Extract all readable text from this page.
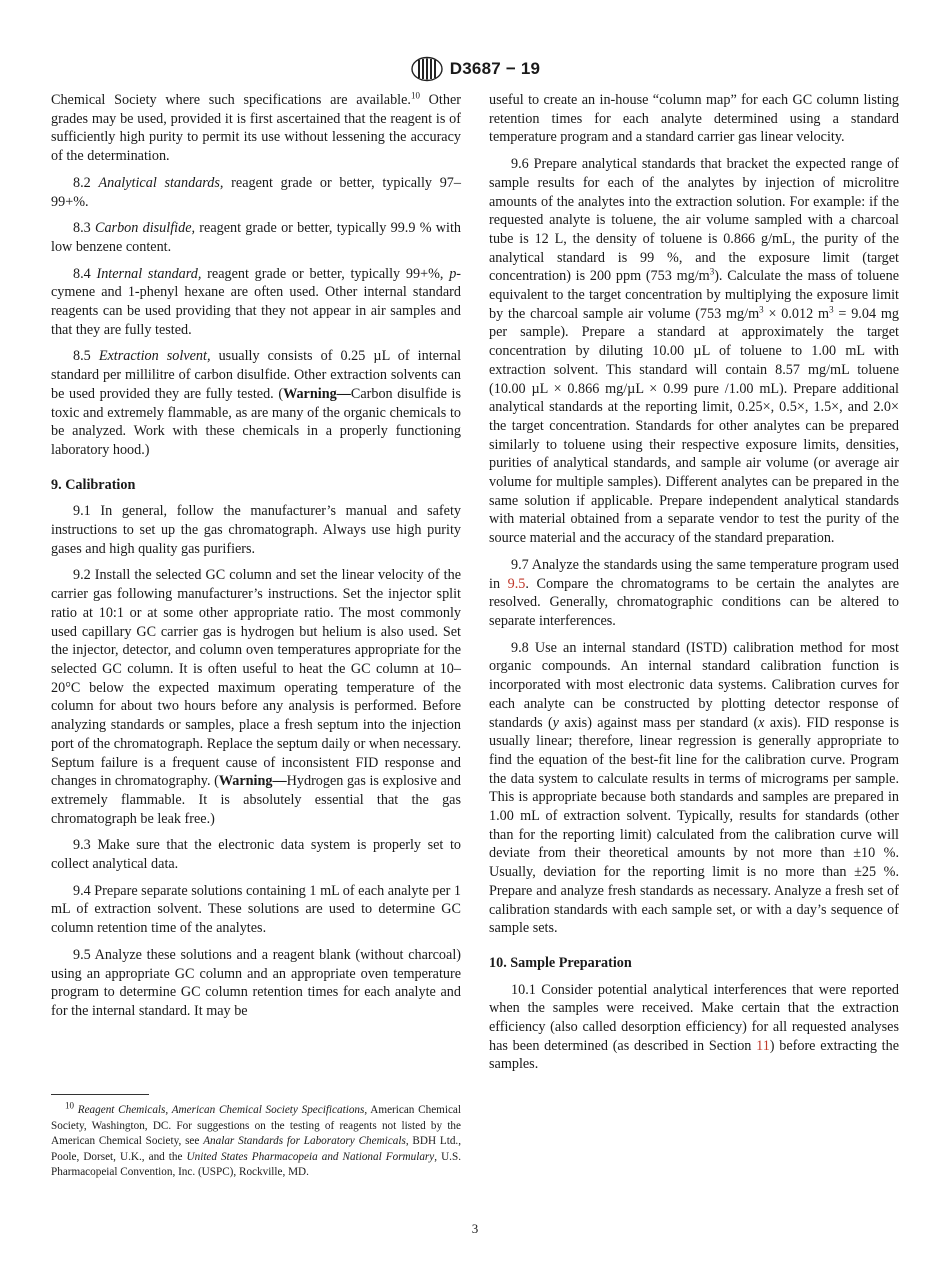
D3687 − 19

Chemical Society where such specifications are available.$^{10}$ Other grades may be used, provided it is first ascertained that the reagent is of sufficiently high purity to permit its use without lessening the accuracy of the determination.

8.2 Analytical standards, reagent grade or better, typically 97–99+%.

8.3 Carbon disulfide, reagent grade or better, typically 99.9 % with low benzene content.

8.4 Internal standard, reagent grade or better, typically 99+%, p-cymene and 1-phenyl hexane are often used. Other internal standard reagents can be used providing that they not appear in air samples and that they are fully tested.

8.5 Extraction solvent, usually consists of 0.25 µL of internal standard per millilitre of carbon disulfide. Other extraction solvents can be used provided they are fully tested. (Warning—Carbon disulfide is toxic and extremely flammable, as are many of the organic chemicals to be analyzed. Work with these chemicals in a properly functioning laboratory hood.)

9. Calibration

9.1 In general, follow the manufacturer’s manual and safety instructions to set up the gas chromatograph. Always use high purity gases and high quality gas purifiers.

9.2 Install the selected GC column and set the linear velocity of the carrier gas following manufacturer’s instructions. Set the injector split ratio at 10:1 or at some other appropriate ratio. The most commonly used capillary GC carrier gas is hydrogen but helium is also used. Set the injector, detector, and column oven temperatures appropriate for the selected GC column. It is often useful to heat the GC column at 10–20°C below the expected maximum operating temperature of the column for about two hours before any analysis is performed. Before analyzing standards or samples, place a fresh septum into the injection port of the chromatograph. Replace the septum daily or when necessary. Septum failure is a frequent cause of inconsistent FID response and changes in chromatography. (Warning—Hydrogen gas is explosive and extremely flammable. It is absolutely essential that the gas chromatograph be leak free.)

9.3 Make sure that the electronic data system is properly set to collect analytical data.

9.4 Prepare separate solutions containing 1 mL of each analyte per 1 mL of extraction solvent. These solutions are used to determine GC column retention time of the analytes.

9.5 Analyze these solutions and a reagent blank (without charcoal) using an appropriate GC column and an appropriate oven temperature program to determine GC column retention times for each analyte and for the internal standard. It may be

$^{10}$ Reagent Chemicals, American Chemical Society Specifications, American Chemical Society, Washington, DC. For suggestions on the testing of reagents not listed by the American Chemical Society, see Analar Standards for Laboratory Chemicals, BDH Ltd., Poole, Dorset, U.K., and the United States Pharmacopeia and National Formulary, U.S. Pharmacopeial Convention, Inc. (USPC), Rockville, MD.

useful to create an in-house “column map” for each GC column listing retention times for each analyte determined using a standard temperature program and a standard carrier gas linear velocity.

9.6 Prepare analytical standards that bracket the expected range of sample results for each of the analytes by injection of microlitre amounts of the analytes into the extraction solution. For example: if the requested analyte is toluene, the air volume sampled with a charcoal tube is 12 L, the density of toluene is 0.866 g/mL, the purity of the analytical standard is 99 %, and the exposure limit (target concentration) is 200 ppm (753 $mg/m^3$). Calculate the mass of toluene equivalent to the target concentration by multiplying the exposure limit by the charcoal sample air volume (753 $mg/m^3 \times 0.012$ $m^3 = 9.04$ mg per sample). Prepare a standard at approximately the target concentration by diluting 10.00 µL of toluene to 1.00 mL with extraction solvent. This standard will contain 8.57 mg/mL toluene (10.00 µL × 0.866 mg/µL × 0.99 pure /1.00 mL). Prepare additional analytical standards at the reporting limit, 0.25×, 0.5×, 1.5×, and 2.0× the target concentration. Standards for other analytes can be prepared similarly to toluene using their respective exposure limits, densities, purities of analytical standards, and sample air volume (or average air volume for multiple samples). Different analytes can be prepared in the same solution if applicable. Prepare independent analytical standards with material obtained from a separate vendor to test the purity of the source material and the accuracy of the standard preparation.

9.7 Analyze the standards using the same temperature program used in 9.5. Compare the chromatograms to be certain the analytes are resolved. Generally, chromatographic conditions can be altered to separate interferences.

9.8 Use an internal standard (ISTD) calibration method for most organic compounds. An internal standard calibration function is incorporated with most electronic data systems. Calibration curves for each analyte can be constructed by plotting detector response of standards (y axis) against mass per standard (x axis). FID response is usually linear; therefore, linear regression is generally appropriate to find the equation of the best-fit line for the calibration curve. Program the data system to calculate results in terms of micrograms per sample. This is appropriate because both standards and samples are prepared in 1.00 mL of extraction solvent. Typically, results for standards (other than for the reporting limit) calculated from the calibration curve will deviate from their theoretical amounts by not more than ±10 %. Usually, deviation for the reporting limit is no more than ±25 %. Prepare and analyze fresh standards as necessary. Analyze a fresh set of calibration standards with each sample set, or with a day’s sequence of sample sets.

10. Sample Preparation

10.1 Consider potential analytical interferences that were reported when the samples were received. Make certain that the extraction efficiency (also called desorption efficiency) for all requested analyses has been determined (as described in Section 11) before extracting the samples.

3
